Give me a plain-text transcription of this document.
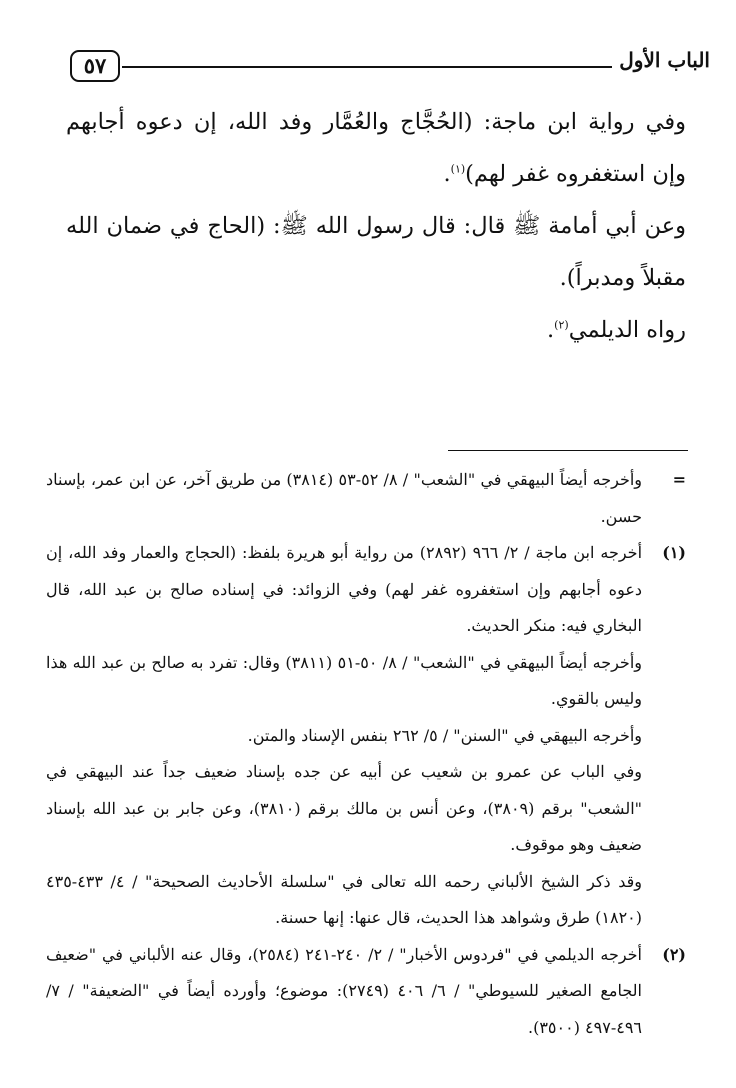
٥٧	الباب الأول

وفي رواية ابن ماجة: (الحُجَّاج والعُمَّار وفد الله، إن دعوه أجابهم وإن استغفروه غفر لهم)$^{(١)}$.

وعن أبي أمامة ﷺ قال: قال رسول الله ﷺ: (الحاج في ضمان الله مقبلاً ومدبراً).

رواه الديلمي$^{(٢)}$.

=
وأخرجه أيضاً البيهقي في "الشعب" / ٨/ ٥٢-٥٣ (٣٨١٤) من طريق آخر، عن ابن عمر، بإسناد حسن.
(١)
أخرجه ابن ماجة / ٢/ ٩٦٦ (٢٨٩٢) من رواية أبو هريرة بلفظ: (الحجاج والعمار وفد الله، إن دعوه أجابهم وإن استغفروه غفر لهم) وفي الزوائد: في إسناده صالح بن عبد الله، قال البخاري فيه: منكر الحديث.
وأخرجه أيضاً البيهقي في "الشعب" / ٨/ ٥٠-٥١ (٣٨١١) وقال: تفرد به صالح بن عبد الله هذا وليس بالقوي.
وأخرجه البيهقي في "السنن" / ٥/ ٢٦٢ بنفس الإسناد والمتن.
وفي الباب عن عمرو بن شعيب عن أبيه عن جده بإسناد ضعيف جداً عند البيهقي في "الشعب" برقم (٣٨٠٩)، وعن أنس بن مالك برقم (٣٨١٠)، وعن جابر بن عبد الله بإسناد ضعيف وهو موقوف.
وقد ذكر الشيخ الألباني رحمه الله تعالى في "سلسلة الأحاديث الصحيحة" / ٤/ ٤٣٣-٤٣٥ (١٨٢٠) طرق وشواهد هذا الحديث، قال عنها: إنها حسنة.
(٢)
أخرجه الديلمي في "فردوس الأخبار" / ٢/ ٢٤٠-٢٤١ (٢٥٨٤)، وقال عنه الألباني في "ضعيف الجامع الصغير للسيوطي" / ٦/ ٤٠٦ (٢٧٤٩): موضوع؛ وأورده أيضاً في "الضعيفة" / ٧/ ٤٩٦-٤٩٧ (٣٥٠٠).
